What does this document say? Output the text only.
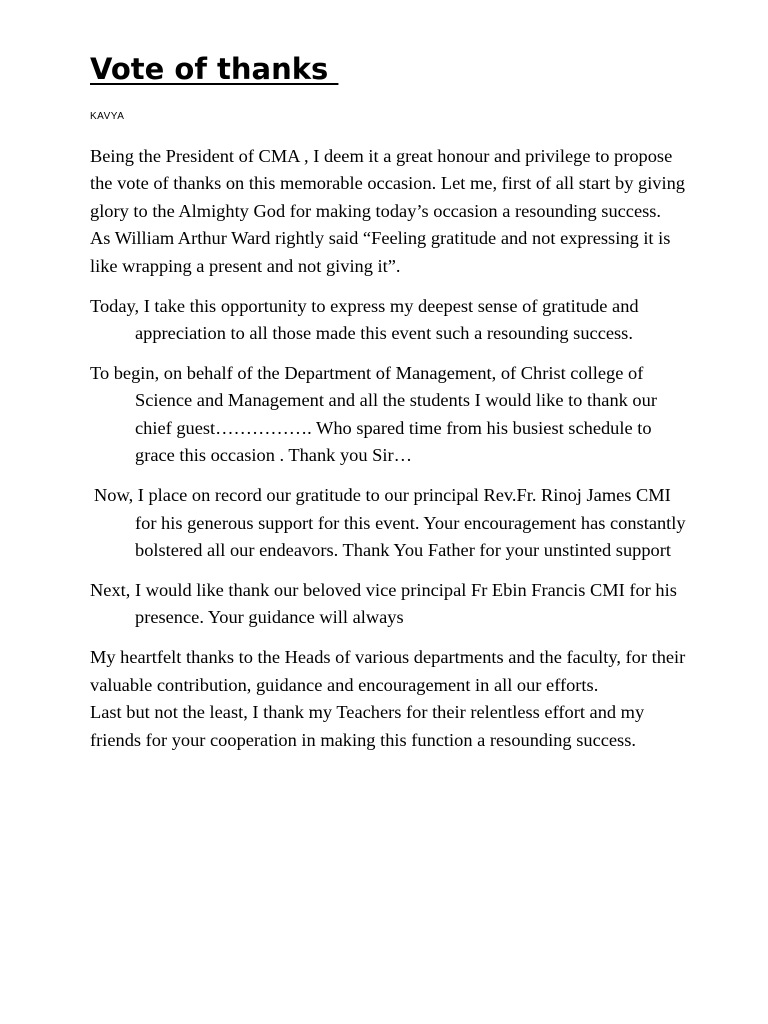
Vote of thanks

KAVYA

Being the President of CMA , I deem it a great honour and privilege to propose the vote of thanks on this memorable occasion. Let me, first of all start by giving glory to the Almighty God for making today’s occasion a resounding success.

As William Arthur Ward rightly said “Feeling gratitude and not expressing it is like wrapping a present and not giving it”.

Today, I take this opportunity to express my deepest sense of gratitude and appreciation to all those made this event such a resounding success.

To begin, on behalf of the Department of Management, of Christ college of Science and Management and all the students I would like to thank our chief guest……………. Who spared time from his busiest schedule to grace this occasion . Thank you Sir…

Now, I place on record our gratitude to our principal Rev.Fr. Rinoj James CMI for his generous support for this event. Your encouragement has constantly bolstered all our endeavors. Thank You Father for your unstinted support

Next, I would like thank our beloved vice principal Fr Ebin Francis CMI for his presence. Your guidance will always

My heartfelt thanks to the Heads of various departments and the faculty, for their valuable contribution, guidance and encouragement in all our efforts.

Last but not the least, I thank my Teachers for their relentless effort and my friends for your cooperation in making this function a resounding success.
